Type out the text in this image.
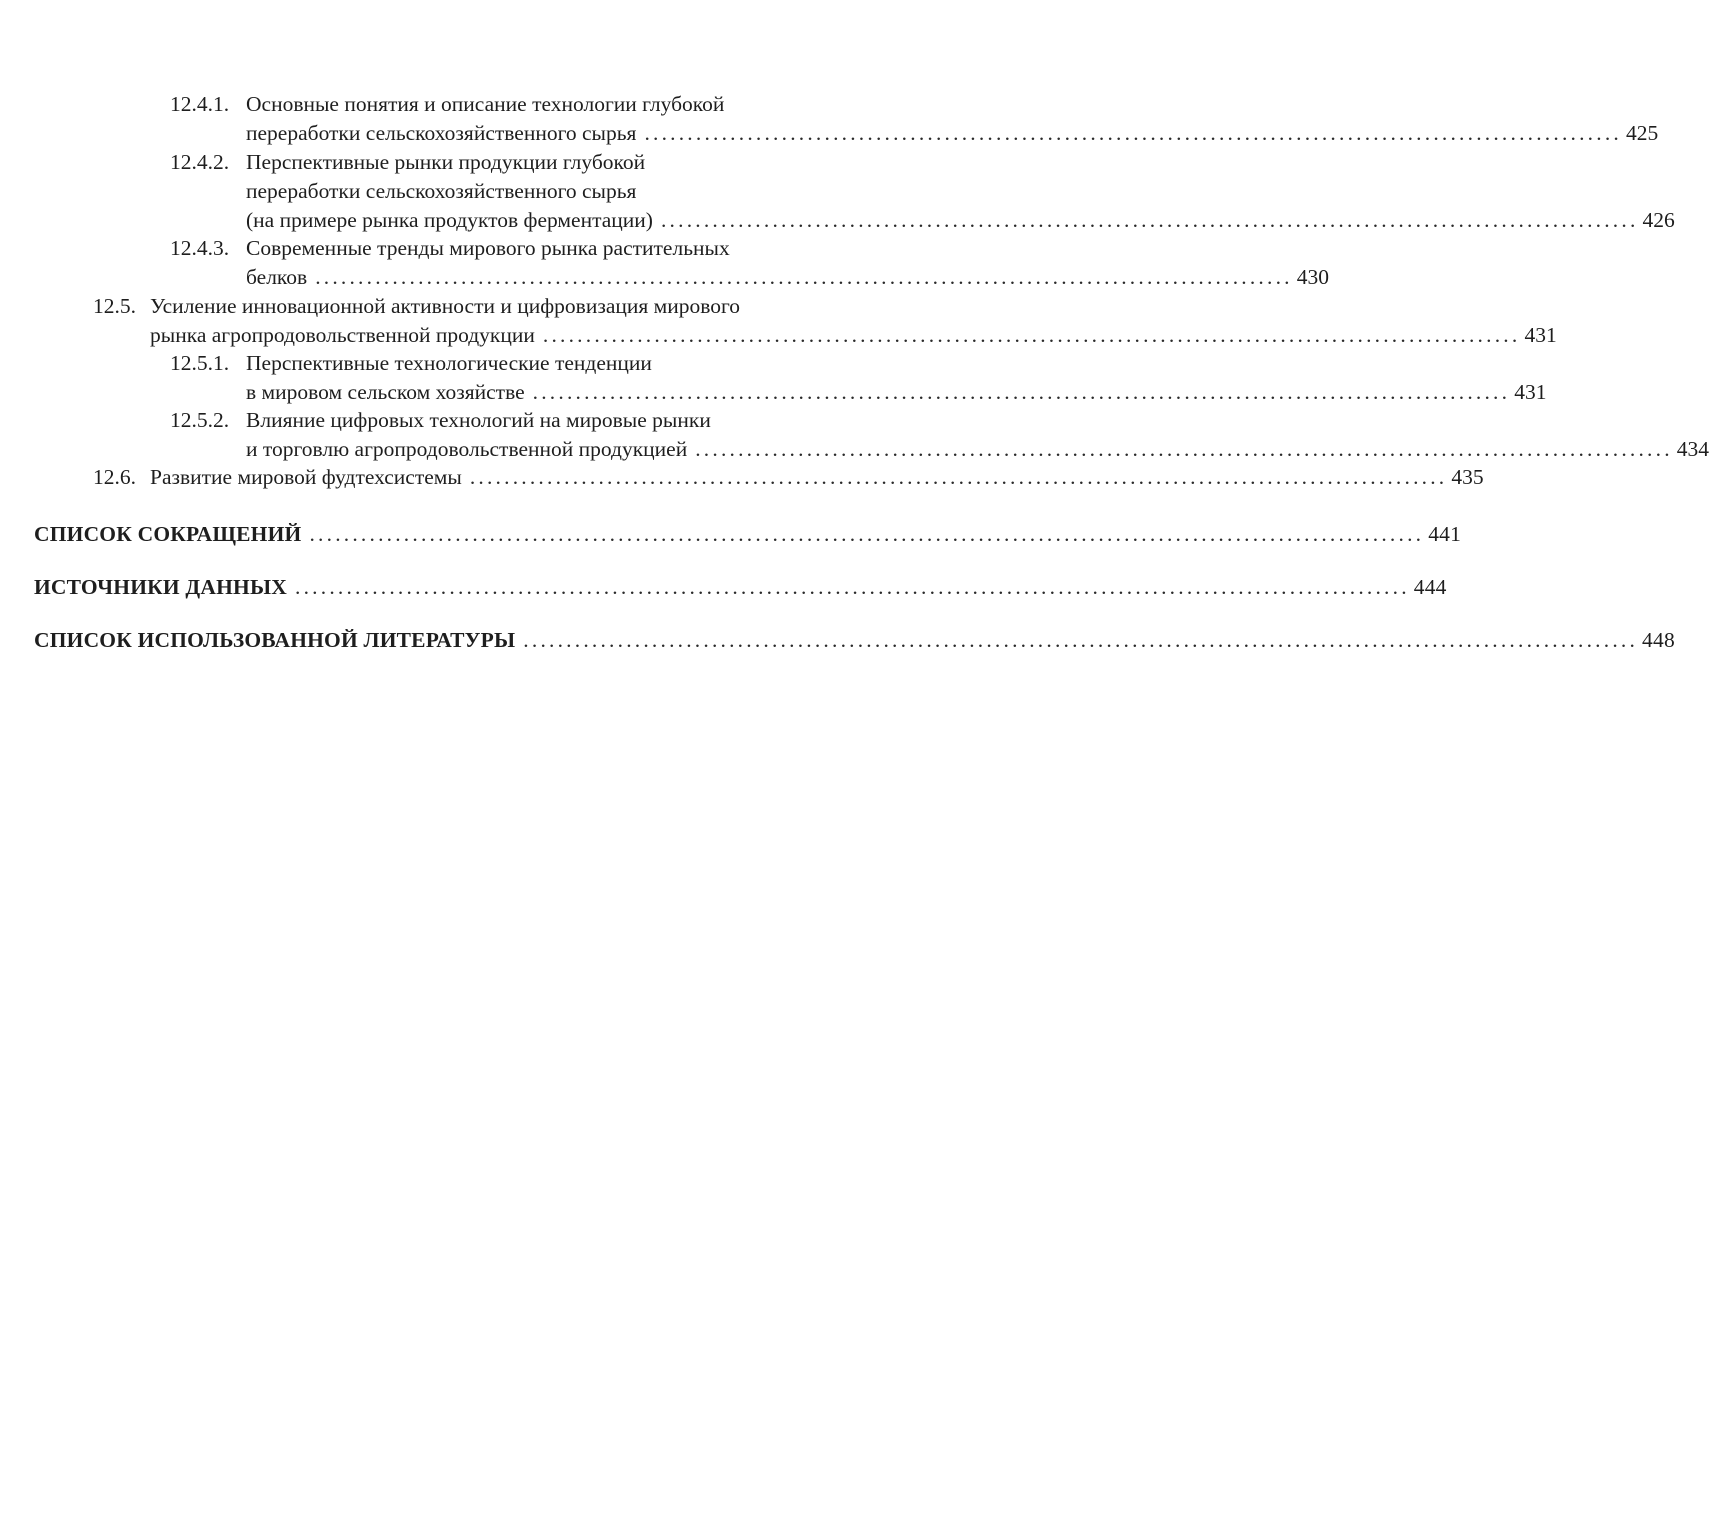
12.4.1. Основные понятия и описание технологии глубокой
переработки сельскохозяйственного сырья .................................................................................................................. 425
12.4.2. Перспективные рынки продукции глубокой
переработки сельскохозяйственного сырья
(на примере рынка продуктов ферментации) .................................................................................................................. 426
12.4.3. Современные тренды мирового рынка растительных
белков .................................................................................................................. 430
12.5. Усиление инновационной активности и цифровизация мирового
рынка агропродовольственной продукции .................................................................................................................. 431
12.5.1. Перспективные технологические тенденции
в мировом сельском хозяйстве .................................................................................................................. 431
12.5.2. Влияние цифровых технологий на мировые рынки
и торговлю агропродовольственной продукцией .................................................................................................................. 434
12.6. Развитие мировой фудтехсистемы .................................................................................................................. 435
СПИСОК СОКРАЩЕНИЙ .................................................................................................................................. 441
ИСТОЧНИКИ ДАННЫХ .................................................................................................................................. 444
СПИСОК ИСПОЛЬЗОВАННОЙ ЛИТЕРАТУРЫ .................................................................................................................................. 448
